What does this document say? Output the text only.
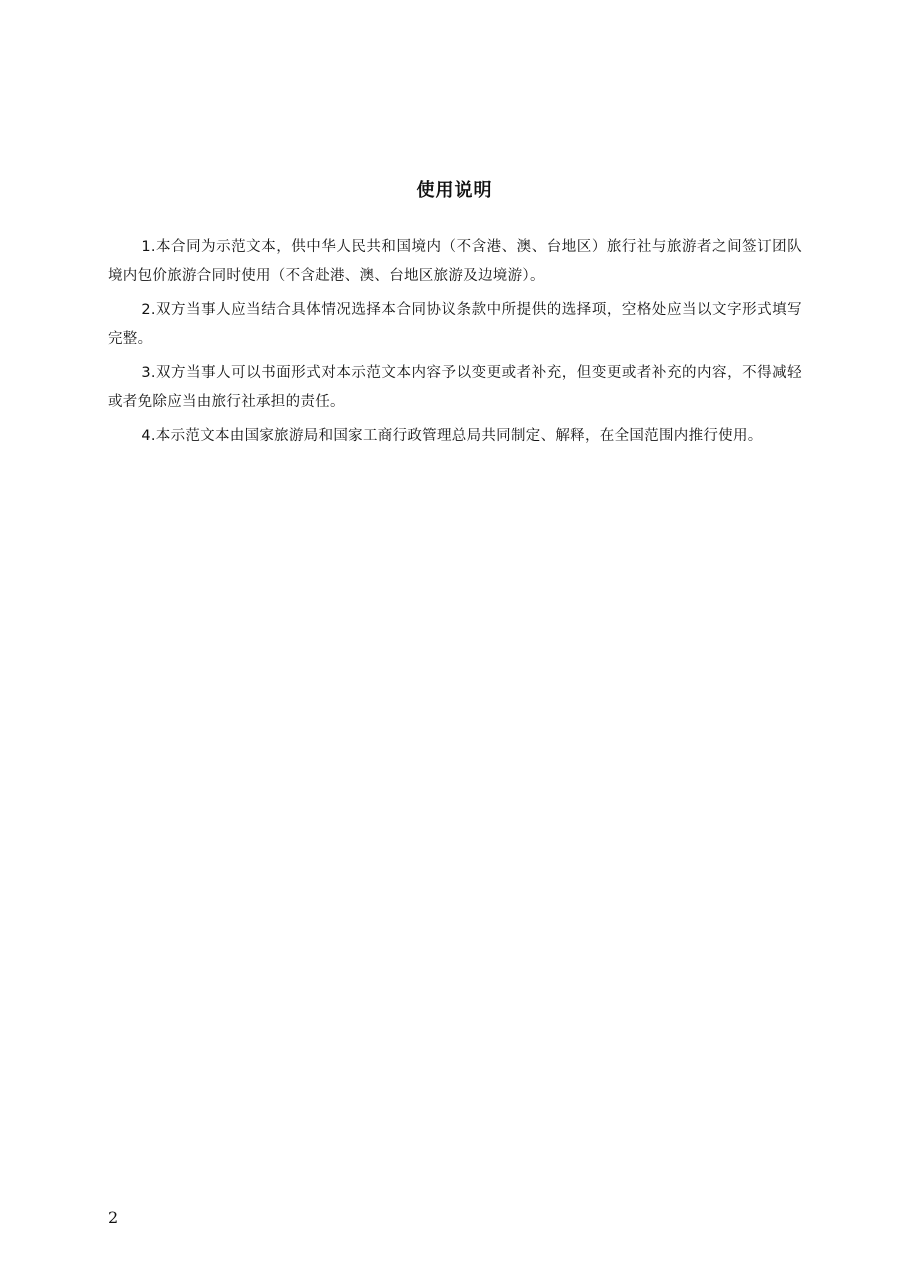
使用说明

1.本合同为示范文本，供中华人民共和国境内（不含港、澳、台地区）旅行社与旅游者之间签订团队境内包价旅游合同时使用（不含赴港、澳、台地区旅游及边境游）。

2.双方当事人应当结合具体情况选择本合同协议条款中所提供的选择项，空格处应当以文字形式填写完整。

3.双方当事人可以书面形式对本示范文本内容予以变更或者补充，但变更或者补充的内容，不得减轻或者免除应当由旅行社承担的责任。

4.本示范文本由国家旅游局和国家工商行政管理总局共同制定、解释，在全国范围内推行使用。

2
